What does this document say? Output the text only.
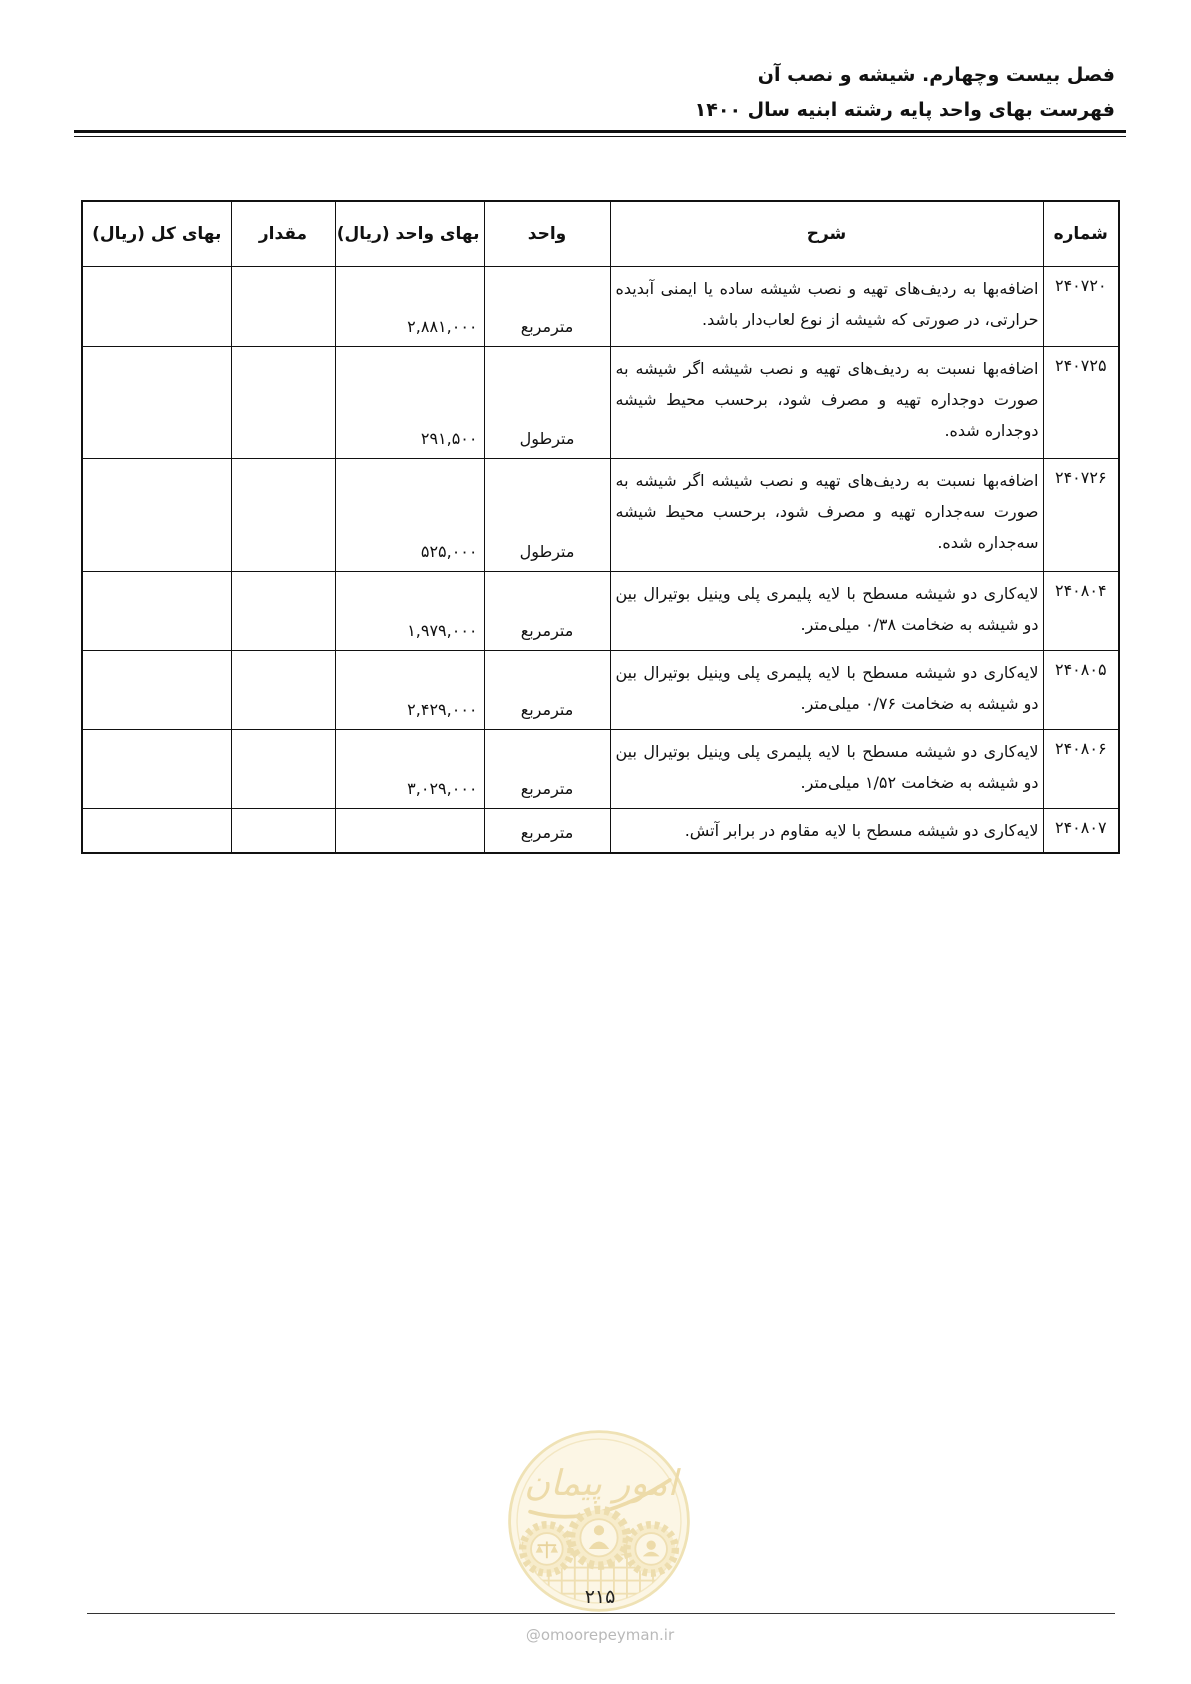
فصل بیست وچهارم. شیشه و نصب آن
فهرست بهای واحد پایه رشته ابنیه سال ۱۴۰۰
شماره	شرح	واحد	بهای واحد (ریال)	مقدار	بهای کل (ریال)
۲۴۰۷۲۰	اضافه‌بها به ردیف‌های تهیه و نصب شیشه ساده یا ایمنی آبدیده حرارتی، در صورتی که شیشه از نوع لعاب‌دار باشد.	مترمربع	۲,۸۸۱,۰۰۰		
۲۴۰۷۲۵	اضافه‌بها نسبت به ردیف‌های تهیه و نصب شیشه اگر شیشه به صورت دوجداره تهیه و مصرف شود، برحسب محیط شیشه دوجداره شده.	مترطول	۲۹۱,۵۰۰		
۲۴۰۷۲۶	اضافه‌بها نسبت به ردیف‌های تهیه و نصب شیشه اگر شیشه به صورت سه‌جداره تهیه و مصرف شود، برحسب محیط شیشه سه‌جداره شده.	مترطول	۵۲۵,۰۰۰		
۲۴۰۸۰۴	لایه‌کاری دو شیشه مسطح با لایه پلیمری پلی وینیل بوتیرال بین دو شیشه به ضخامت ۰/۳۸ میلی‌متر.	مترمربع	۱,۹۷۹,۰۰۰		
۲۴۰۸۰۵	لایه‌کاری دو شیشه مسطح با لایه پلیمری پلی وینیل بوتیرال بین دو شیشه به ضخامت ۰/۷۶ میلی‌متر.	مترمربع	۲,۴۲۹,۰۰۰		
۲۴۰۸۰۶	لایه‌کاری دو شیشه مسطح با لایه پلیمری پلی وینیل بوتیرال بین دو شیشه به ضخامت ۱/۵۲ میلی‌متر.	مترمربع	۳,۰۲۹,۰۰۰		
۲۴۰۸۰۷	لایه‌کاری دو شیشه مسطح با لایه مقاوم در برابر آتش.	مترمربع			
امور پیمان
۲۱۵
@omoorepeyman.ir
